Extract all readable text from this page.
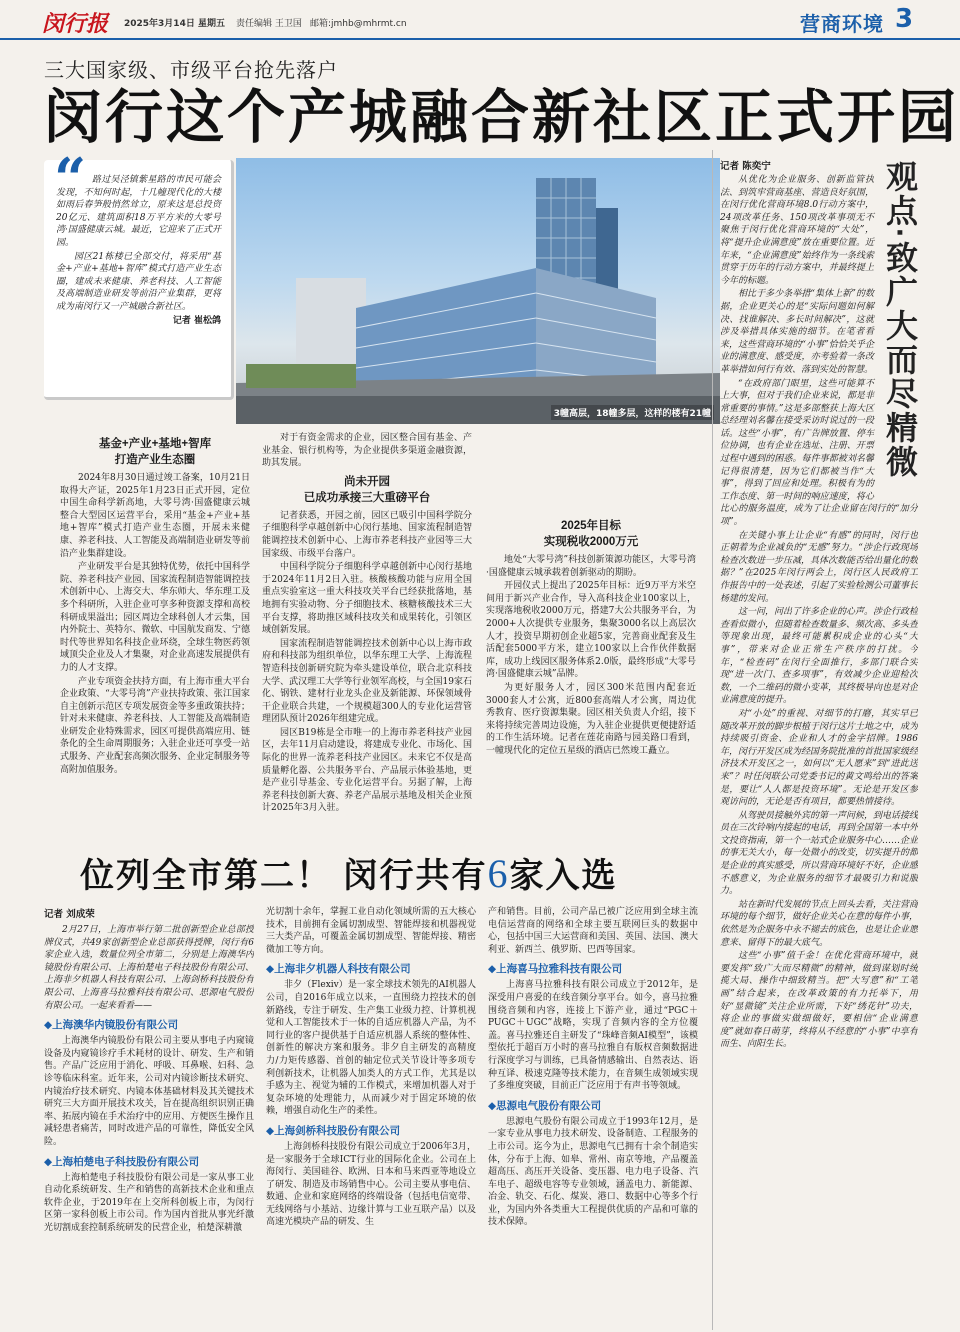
闵行报 2025年3月14日 星期五 责任编辑 王卫国 邮箱:jmhb@mhrmt.cn	营商环境 3
三大国家级、市级平台抢先落户
闵行这个产城融合新社区正式开园
“ 路过吴泾镇紫星路的市民可能会发现，不知何时起，十几幢现代化的大楼如雨后春笋般悄然耸立，原来这是总投资20亿元、建筑面积18万平方米的大零号湾·国盛健康云城。最近，它迎来了正式开园。

园区21栋楼已全部交付，将采用“基金+产业+基地+智库”模式打造产业生态圈，建成未来健康、养老科技、人工智能及高端制造业研发等前沿产业集群，更将成为南闵行又一产城融合新社区。

记者 崔松鸽

3幢高层，18幢多层，这样的楼有21幢
基金+产业+基地+智库
打造产业生态圈

2024年8月30日通过竣工备案，10月21日取得大产证，2025年1月23日正式开园，定位中国生命科学新高地，大零号湾·国盛健康云城整合大型园区运营平台，采用“基金+产业+基地+智库”模式打造产业生态圈，开展未来健康、养老科技、人工智能及高端制造业研发等前沿产业集群建设。

产业研发平台是其独特优势，依托中国科学院、养老科技产业园、国家流程制造智能调控技术创新中心、上海交大、华东师大、华东理工及多个科研所，入驻企业可享多种资源支撑和高校科研成果溢出；园区周边全球科创人才云集，国内外院士、英特尔、微软、中国航发商发、宁德时代等世界知名科技企业环绕，全球生物医药领域顶尖企业及人才集聚，对企业高速发展提供有力的人才支撑。

产业专项资金扶持方面，有上海市重大平台企业政策、“大零号湾”产业扶持政策、张江国家自主创新示范区专项发展资金等多重政策扶持；针对未来健康、养老科技、人工智能及高端制造业研发企业特殊需求，园区可提供高端应用、链条化的全生命周期服务；入驻企业还可享受一站式服务、产业配套高频次服务、企业定制服务等高附加值服务。

对于有资金需求的企业，园区整合国有基金、产业基金、银行机构等，为企业提供多渠道金融资源，助其发展。

尚未开园
已成功承接三大重磅平台

记者获悉，开园之前，园区已吸引中国科学院分子细胞科学卓越创新中心闵行基地、国家流程制造智能调控技术创新中心、上海市养老科技产业园等三大国家级、市级平台落户。

中国科学院分子细胞科学卓越创新中心闵行基地于2024年11月2日入驻。核酸核酸功能与应用全国重点实验室这一重大科技攻关平台已经获批落地，基地拥有实验动物、分子细胞技术、核糖核酸技术三大平台支撑，将助推区域科技攻关和成果转化，引领区域创新发展。

国家流程制造智能调控技术创新中心以上海市政府和科技部为组织单位，以华东理工大学、上海流程智造科技创新研究院为牵头建设单位，联合北京科技大学、武汉理工大学等行业领军高校，与全国19家石化、钢铁、建材行业龙头企业及新能源、环保领域骨干企业联合共建，一个规模超300人的专业化运营管理团队预计2026年组建完成。

园区B19栋是全市唯一的上海市养老科技产业园区，去年11月启动建设，将建成专业化、市场化、国际化的世界一流养老科技产业园区。未来它不仅是高质量孵化器、公共服务平台、产品展示体验基地，更是产业引导基金、专业化运营平台。另据了解，上海养老科技创新大赛、养老产品展示基地及相关企业预计2025年3月入驻。

2025年目标
实现税收2000万元

地处“大零号湾”科技创新策源功能区，大零号湾·国盛健康云城承载着创新驱动的期盼。

开园仪式上提出了2025年目标：近9万平方米空间用于新兴产业合作，导入高科技企业100家以上，实现落地税收2000万元，搭建7大公共服务平台，为2000+人次提供专业服务，集聚3000名以上高层次人才，投资早期初创企业超5家，完善商业配套及生活配套5000平方米，建立100家以上合作伙伴数据库，成功上线园区服务体系2.0版，最终形成“大零号湾·国盛健康云城”品牌。

为更好服务人才，园区300米范围内配套近3000套人才公寓，近800套高端人才公寓，周边优秀教育、医疗资源集聚。园区相关负责人介绍，接下来将持续完善周边设施，为入驻企业提供更便捷舒适的工作生活环境。记者在莲花南路与园美路口看到，一幢现代化的定位五星级的酒店已然竣工矗立。

位列全市第二！ 闵行共有6家入选
记者 刘成荣

2月27日，上海市举行第二批创新型企业总部授牌仪式，共49家创新型企业总部获得授牌，闵行有6家企业入选，数量位列全市第二，分别是上海澳华内镜股份有限公司、上海柏楚电子科技股份有限公司、上海非夕机器人科技有限公司、上海剑桥科技股份有限公司、上海喜马拉雅科技有限公司、思源电气股份有限公司。一起来看看——

◆上海澳华内镜股份有限公司

上海澳华内镜股份有限公司主要从事电子内窥镜设备及内窥镜诊疗手术耗材的设计、研发、生产和销售。产品广泛应用于消化、呼吸、耳鼻喉、妇科、急诊等临床科室。近年来，公司对内镜诊断技术研究、内镜治疗技术研究、内镜本体基础材料及其关键技术研究三大方面开展技术攻关，旨在提高组织识别正确率、拓展内镜在手术治疗中的应用、方便医生操作且减轻患者痛苦，同时改进产品的可靠性，降低安全风险。

◆上海柏楚电子科技股份有限公司

上海柏楚电子科技股份有限公司是一家从事工业自动化系统研发、生产和销售的高新技术企业和重点软件企业，于2019年在上交所科创板上市，为闵行区第一家科创板上市公司。作为国内首批从事光纤激光切割成套控制系统研发的民营企业，柏楚深耕激

光切割十余年，掌握工业自动化领域所需的五大核心技术，目前拥有金属切割成型、智能焊接和机器视觉三大类产品，可覆盖金属切割成型、智能焊接、精密微加工等方向。

◆上海非夕机器人科技有限公司

非夕（Flexiv）是一家全球技术领先的AI机器人公司，自2016年成立以来，一直围绕力控技术的创新路线，专注于研发、生产集工业级力控、计算机视觉和人工智能技术于一体的自适应机器人产品，为不同行业的客户提供基于自适应机器人系统的整体性、创新性的解决方案和服务。非夕自主研发的高精度力/力矩传感器、首创的轴定位式关节设计等多项专利创新技术，让机器人加类人的方式工作，尤其是以手感为主、视觉为辅的工作模式，来增加机器人对于复杂环境的处理能力，从而减少对于固定环境的依赖，增强自动化生产的柔性。

◆上海剑桥科技股份有限公司

上海剑桥科技股份有限公司成立于2006年3月，是一家服务于全球ICT行业的国际化企业。公司在上海闵行、美国硅谷、欧洲、日本和马来西亚等地设立了研发、制造及市场销售中心。公司主要从事电信、数通、企业和家庭网络的终端设备（包括电信宽带、无线网络与小基站、边缘计算与工业互联产品）以及高速光模块产品的研发、生

产和销售。目前，公司产品已被广泛应用到全球主流电信运营商的网络和全球主要互联网巨头的数据中心，包括中国三大运营商和美国、英国、法国、澳大利亚、新西兰、俄罗斯、巴西等国家。

◆上海喜马拉雅科技有限公司

上海喜马拉雅科技有限公司成立于2012年，是深受用户喜爱的在线音频分享平台。如今，喜马拉雅围绕音频和内容，连接上下游产业，通过“PGC＋PUGC＋UGC”战略，实现了音频内容的全方位覆盖。喜马拉雅还自主研发了“珠峰音频AI模型”，该模型依托于超百万小时的喜马拉雅自有版权音频数据进行深度学习与训练，已具备情感输出、自然表达、语种互译、极速克隆等技术能力，在音频生成领域实现了多维度突破，目前正广泛应用于有声书等领域。

◆思源电气股份有限公司

思源电气股份有限公司成立于1993年12月，是一家专业从事电力技术研发、设备制造、工程服务的上市公司。迄今为止，思源电气已拥有十余个制造实体，分布于上海、如皋、常州、南京等地，产品覆盖超高压、高压开关设备、变压器、电力电子设备、汽车电子、超级电容等专业领域，涵盖电力、新能源、冶金、轨交、石化、煤炭、港口、数据中心等多个行业，为国内外各类重大工程提供优质的产品和可靠的技术保障。

记者 陈奕宁	观点·致广大而尽精微

从优化为企业服务、创新监管执法、到筑牢营商基座、营造良好氛围，在闵行优化营商环境8.0行动方案中，24项改革任务、150项改革事项无不聚焦于闵行优化营商环境的“大处”，将“提升企业满意度”放在重要位置。近年来，“企业满意度”始终作为一条线索贯穿于历年的行动方案中，并最终提上今年的标题。

相比于多少条举措“集体上新”的数据，企业更关心的是“实际问题如何解决、找谁解决、多长时间解决”，这就涉及举措具体实施的细节。在笔者看来，这些营商环境的“小事”恰恰关乎企业的满意度、感受度，亦考验着一条改革举措如何行有效、落到实处的智慧。

“在政府部门眼里，这些可能算不上大事，但对于我们企业来说，都是非常重要的事情。”这是多部整获上海大区总经理刘名馨在接受采访时说过的一段话。这些“小事”，有广告牌放置、停车位协调，也有企业在选址、注册、开票过程中遇到的困惑。每件事都被刘名馨记得很清楚，因为它们都被当作“大事”，得到了回应和处理。积极有为的工作态度、第一时间的响应速度，将心比心的服务温度，成为了让企业留在闵行的“加分项”。

在关键小事上让企业“有感”的同时，闵行也正朝着为企业减负的“无感”努力。“涉企行政现场检查次数进一步压减，具体次数能否给出量化的数据？”在2025年闵行两会上，闵行区人民政府工作报告中的一处表述，引起了实验检测公司董事长杨建的发问。

这一问，问出了许多企业的心声。涉企行政检查看似微小，但随着检查数量多、频次高、多头查等现象出现，最终可能累积成企业的心头“大事”，带来对企业正常生产秩序的打扰。今年，“检查码”在闵行全面推行，多部门联合实现“进一次门、查多项事”，有效减少企业迎检次数，一个二维码的微小变革，其终极导向也是对企业满意度的提升。

对“小处”的重视、对细节的打磨，其实早已随改革开放的脚步根植于闵行这片土地之中，成为持续吸引资金、企业和人才的金字招牌。1986年，闵行开发区成为经国务院批准的首批国家级经济技术开发区之一，如何以“无人愿来”到“进此送来”？时任闵联公司党委书记的黄文鸣给出的答案是，要让“人人都是投资环境”。无论是开发区参观访问的，无论是否有项目，都要热情接待。

从驾驶员接触外宾的第一声问候，到电话接线员在三次铃响内接起的电话，再到全国第一本中外文投资指南，第一个一站式企业服务中心……企业的事无关大小，每一处微小的改变，切实提升的都是企业的真实感受，所以营商环境好不好，企业感不感意义，为企业服务的细节才最吸引力和说服力。

站在新时代发展的节点上回头去看，关注营商环境的每个细节，做好企业关心在意的每件小事，依然是为企服务中永不褪去的底色，也是让企业愿意来、留得下的最大底气。

这些“小事”值千金！在优化营商环境中，就要发挥“致广大而尽精微”的精神，做到谋划时统揽大局、操作中细致精当。把“大写意”和“工笔画”结合起来，在改革政策的有力托举下，用好“显微镜”关注企业所需，下好“绣花针”功夫，将企业的事做实做细做好，要相信“企业满意度”就如春日萌芽，终将从不经意的“小事”中享有而生、向阳生长。
